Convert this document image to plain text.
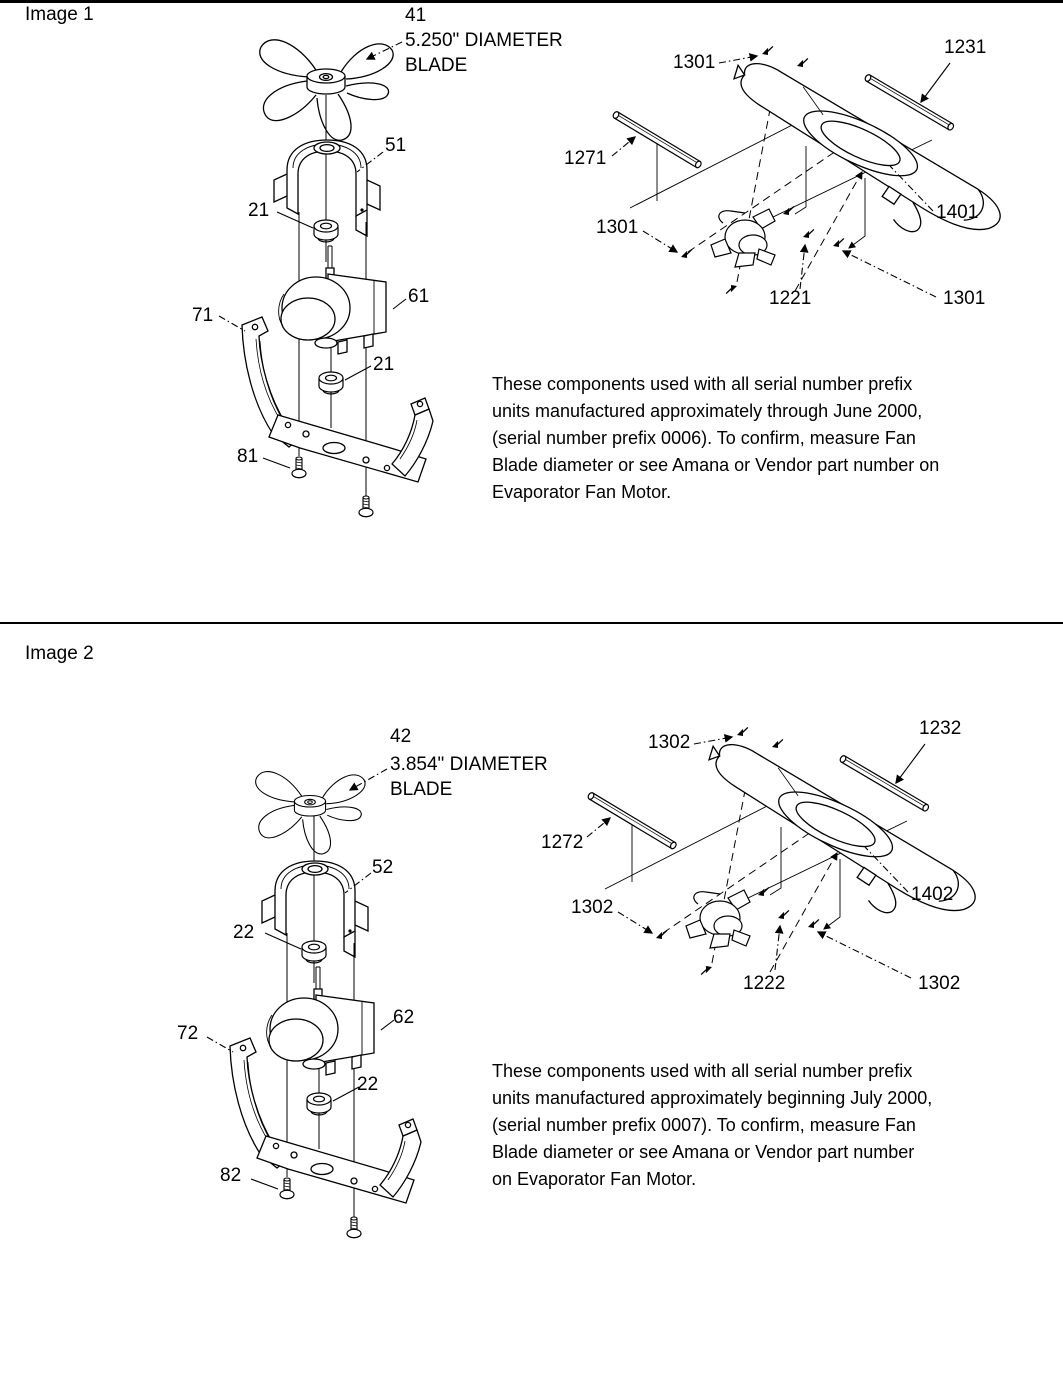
Image 1	41
5.250" DIAMETER
BLADE
51
21
61
71
21
81
1301
1231
1271
1301
1401
1221	1301
These components used with all serial number prefix
units manufactured approximately through June 2000,
(serial number prefix 0006). To confirm, measure Fan
Blade diameter or see Amana or Vendor part number on
Evaporator Fan Motor.
Image 2
42
3.854" DIAMETER
BLADE
52
22
62
72
22
82
1302
1232
1272
1302
1402
1222	1302
These components used with all serial number prefix
units manufactured approximately beginning July 2000,
(serial number prefix 0007). To confirm, measure Fan
Blade diameter or see Amana or Vendor part number
on Evaporator Fan Motor.
